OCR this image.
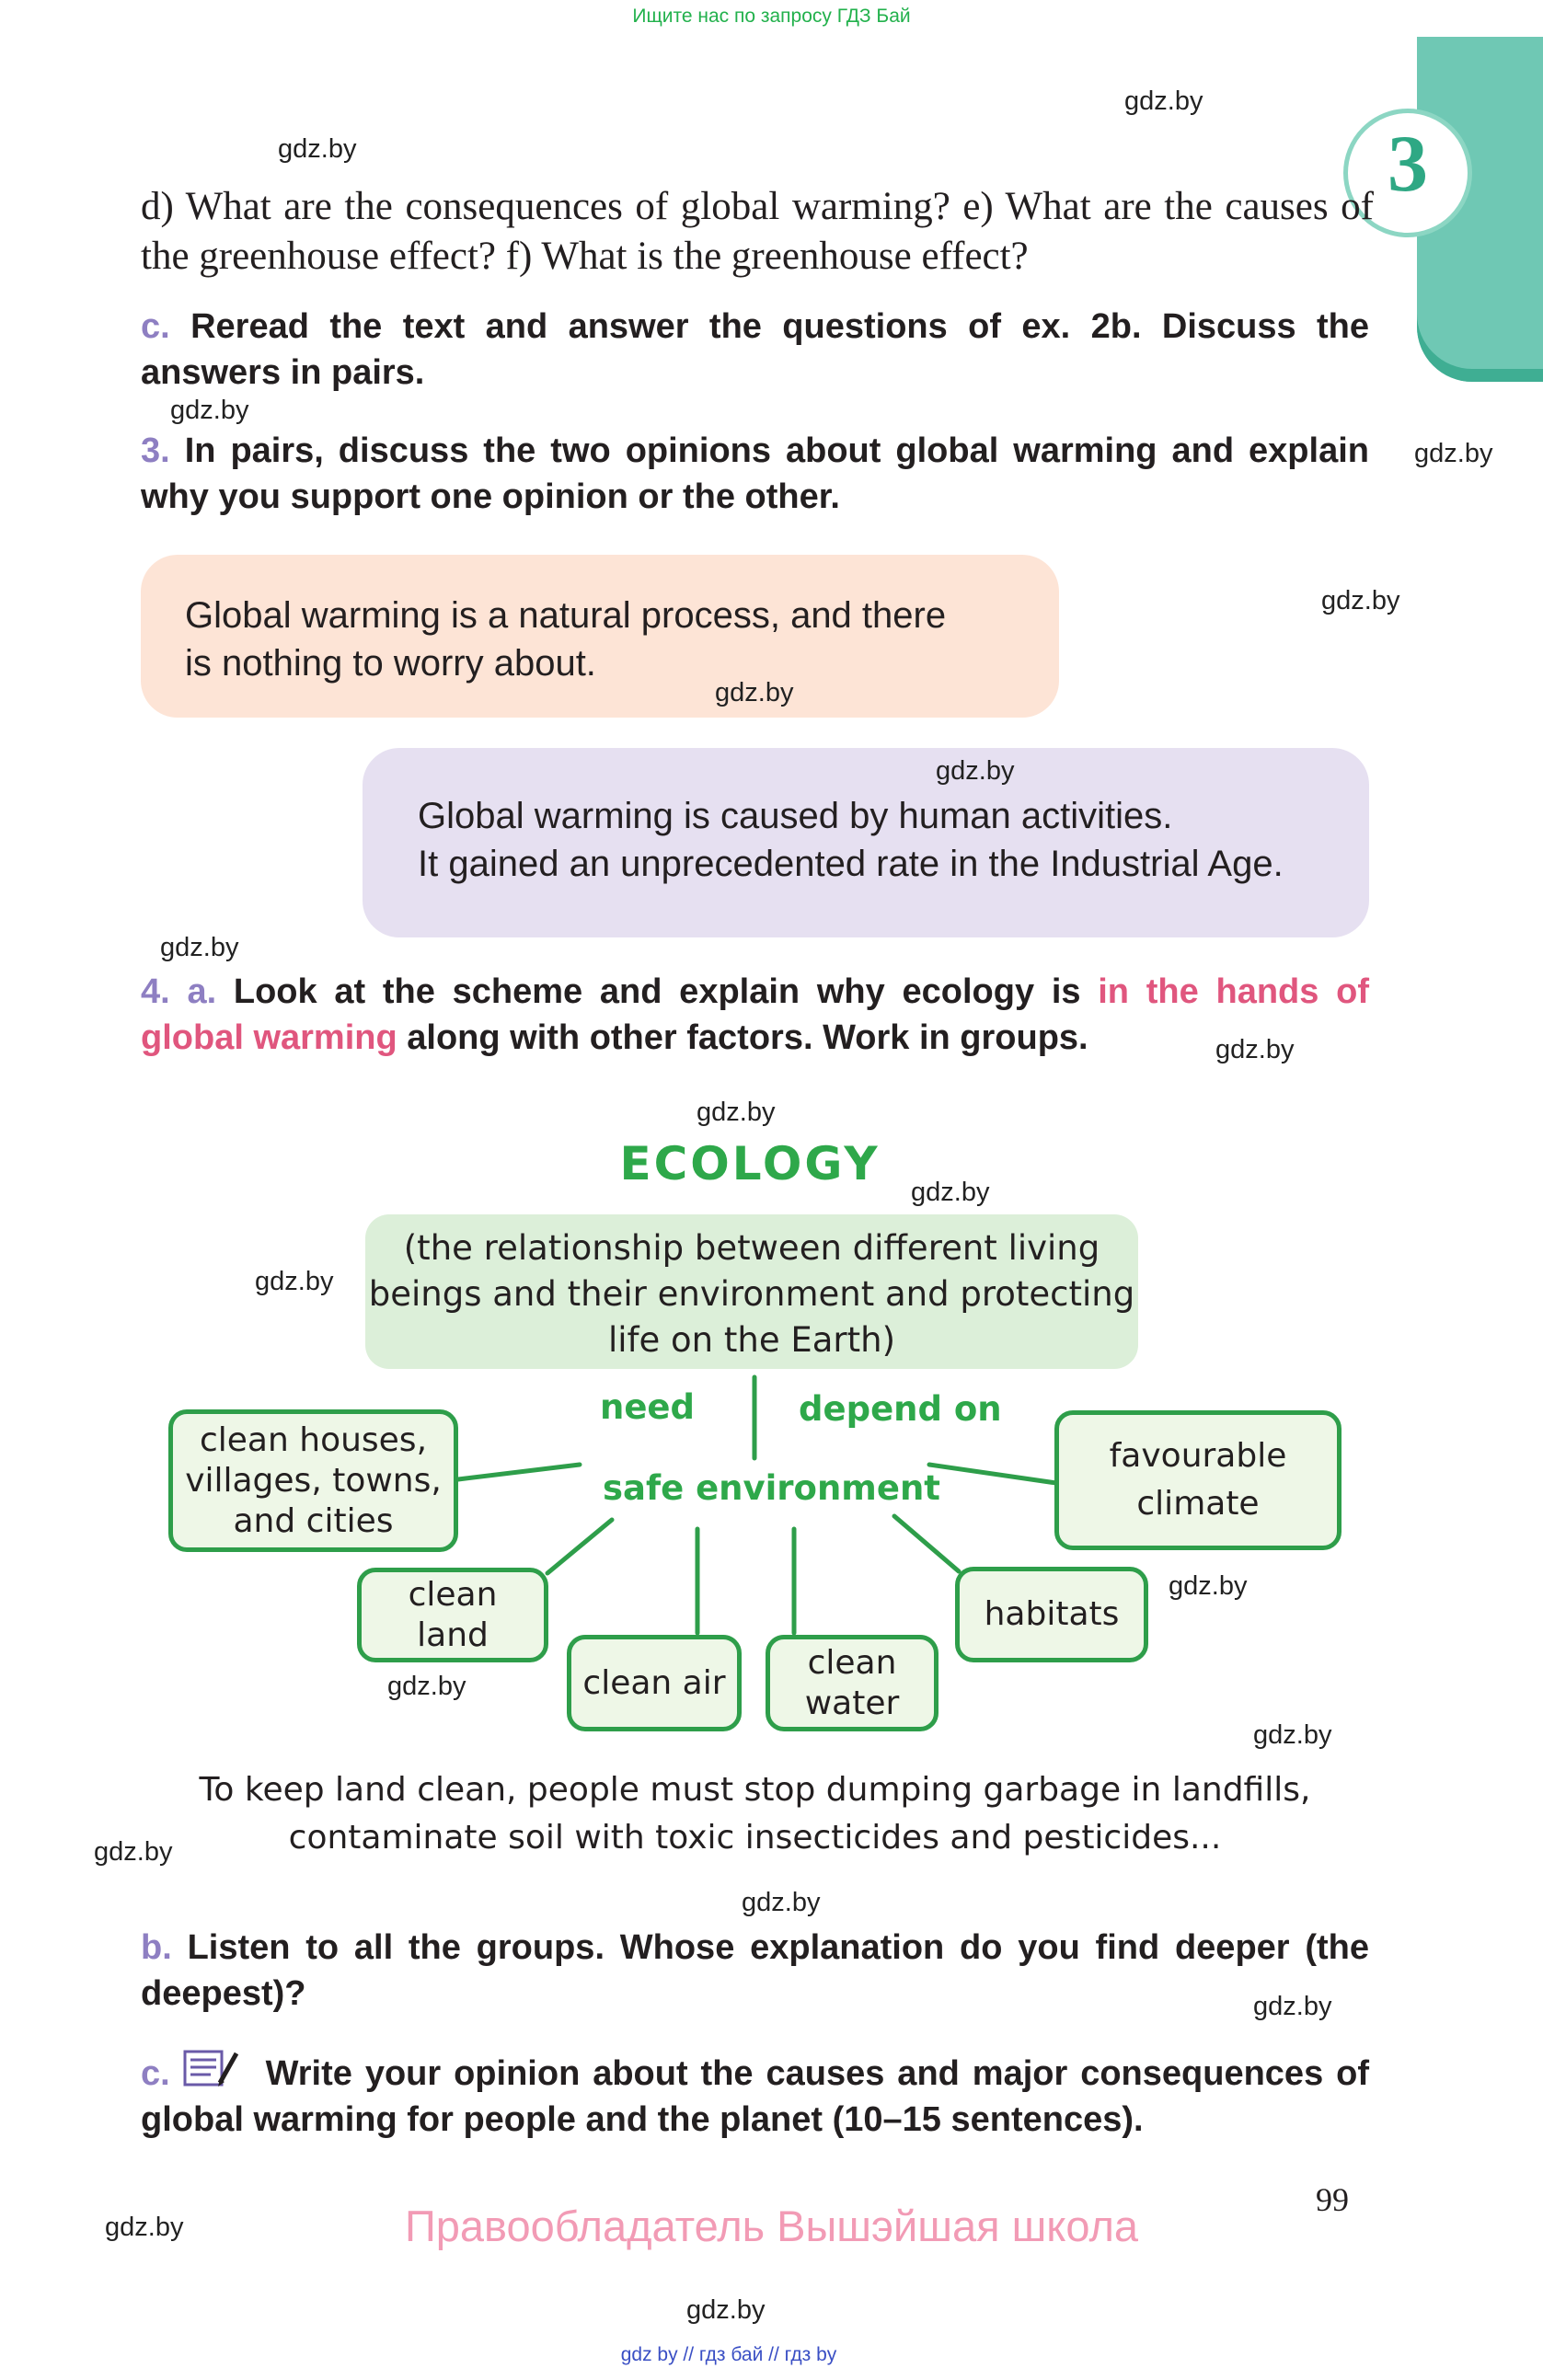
Ищите нас по запросу ГДЗ Бай
3
d) What are the consequences of global warming? e) What are the causes of the greenhouse effect? f) What is the greenhouse effect?
c. Reread the text and answer the questions of ex. 2b. Discuss the answers in pairs.
3. In pairs, discuss the two opinions about global warming and explain why you support one opinion or the other.
Global warming is a natural process, and there
is nothing to worry about.
Global warming is caused by human activities.
It gained an unprecedented rate in the Industrial Age.
4. a. Look at the scheme and explain why ecology is in the hands of global warming along with other factors. Work in groups.
ECOLOGY
(the relationship between different living
beings and their environment and protecting
life on the Earth)
need	depend on
safe environment
clean houses,
villages, towns,
and cities
favourable
climate
clean
land
clean air
clean
water
habitats
To keep land clean, people must stop dumping garbage in landfills,
contaminate soil with toxic insecticides and pesticides...
b. Listen to all the groups. Whose explanation do you find deeper (the deepest)?
c.	Write your opinion about the causes and major consequences of global warming for people and the planet (10–15 sentences).
99
Правообладатель Вышэйшая школа
gdz by // гдз бай // гдз by
gdz.by
gdz.by
gdz.by
gdz.by
gdz.by
gdz.by
gdz.by
gdz.by
gdz.by
gdz.by
gdz.by
gdz.by
gdz.by
gdz.by
gdz.by
gdz.by
gdz.by
gdz.by
gdz.by
gdz.by
